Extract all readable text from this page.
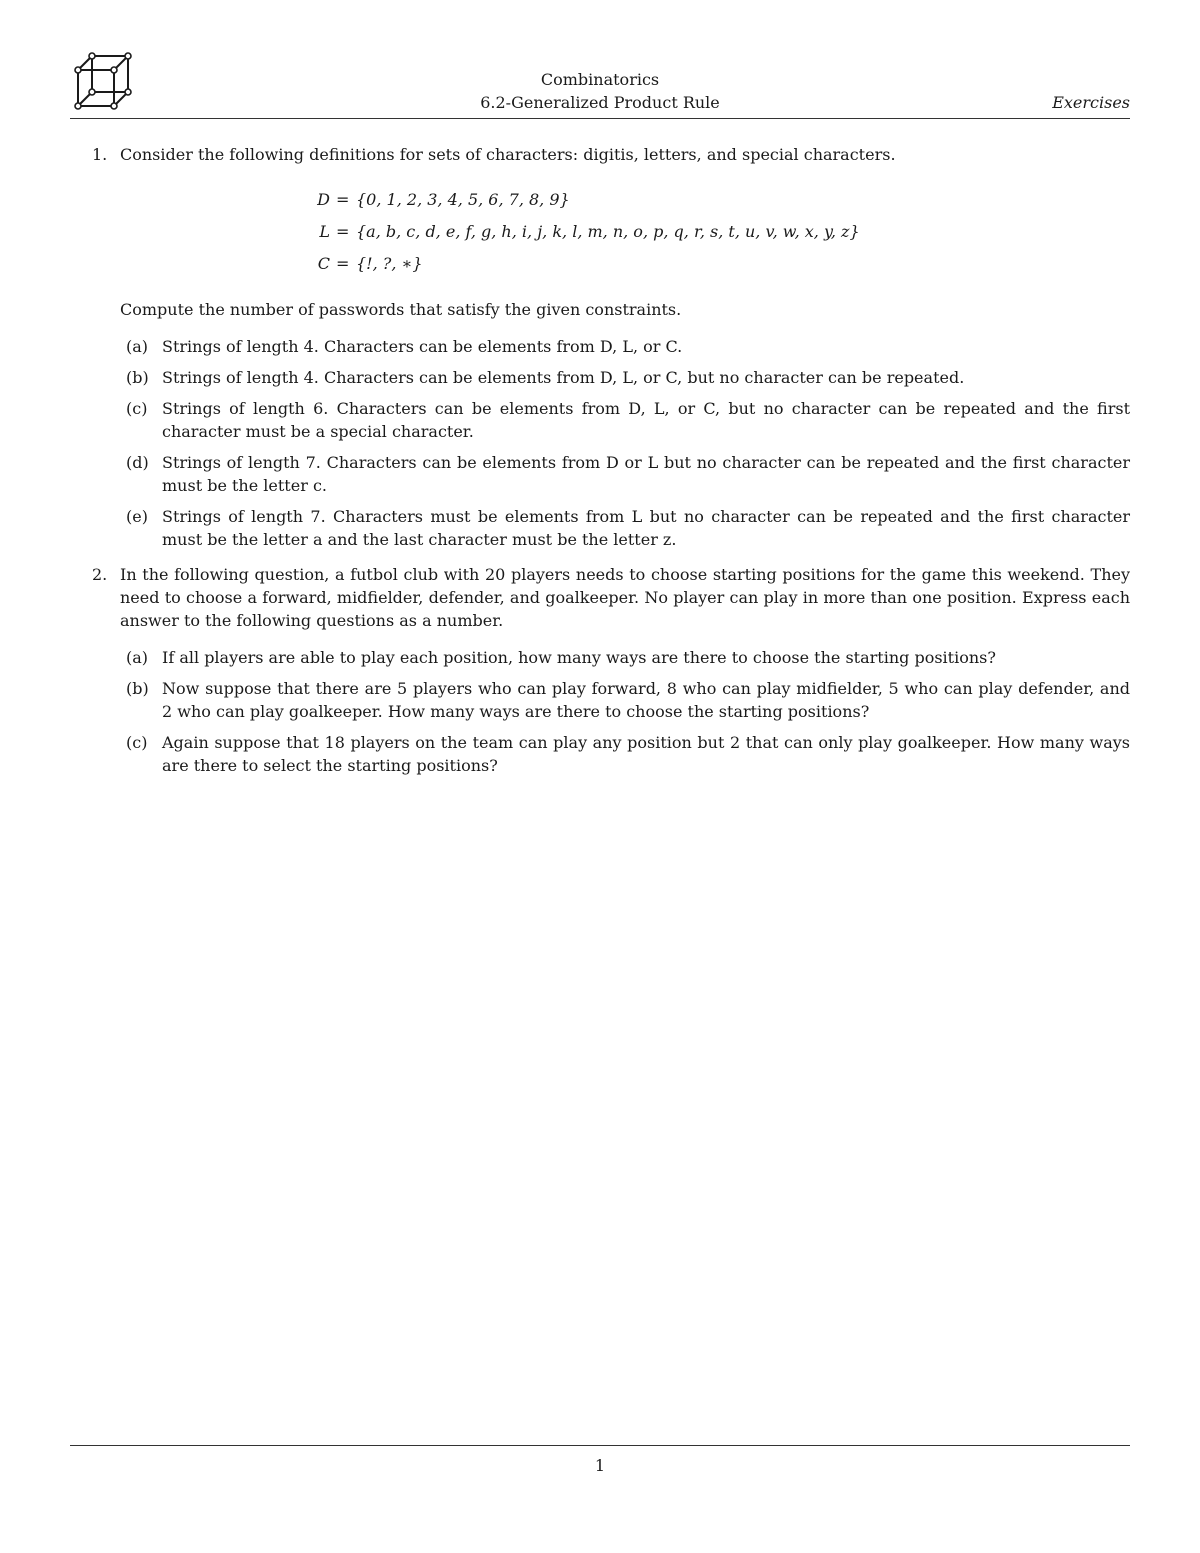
Combinatorics
6.2-Generalized Product Rule	Exercises
1. Consider the following definitions for sets of characters: digitis, letters, and special characters.
D = {0, 1, 2, 3, 4, 5, 6, 7, 8, 9}
L = {a, b, c, d, e, f, g, h, i, j, k, l, m, n, o, p, q, r, s, t, u, v, w, x, y, z}
C = {!, ?, ∗}
Compute the number of passwords that satisfy the given constraints.
(a) Strings of length 4. Characters can be elements from D, L, or C.
(b) Strings of length 4. Characters can be elements from D, L, or C, but no character can be repeated.
(c) Strings of length 6. Characters can be elements from D, L, or C, but no character can be repeated and the first character must be a special character.
(d) Strings of length 7. Characters can be elements from D or L but no character can be repeated and the first character must be the letter c.
(e) Strings of length 7. Characters must be elements from L but no character can be repeated and the first character must be the letter a and the last character must be the letter z.
2. In the following question, a futbol club with 20 players needs to choose starting positions for the game this weekend. They need to choose a forward, midfielder, defender, and goalkeeper. No player can play in more than one position. Express each answer to the following questions as a number.
(a) If all players are able to play each position, how many ways are there to choose the starting positions?
(b) Now suppose that there are 5 players who can play forward, 8 who can play midfielder, 5 who can play defender, and 2 who can play goalkeeper. How many ways are there to choose the starting positions?
(c) Again suppose that 18 players on the team can play any position but 2 that can only play goalkeeper. How many ways are there to select the starting positions?
1
